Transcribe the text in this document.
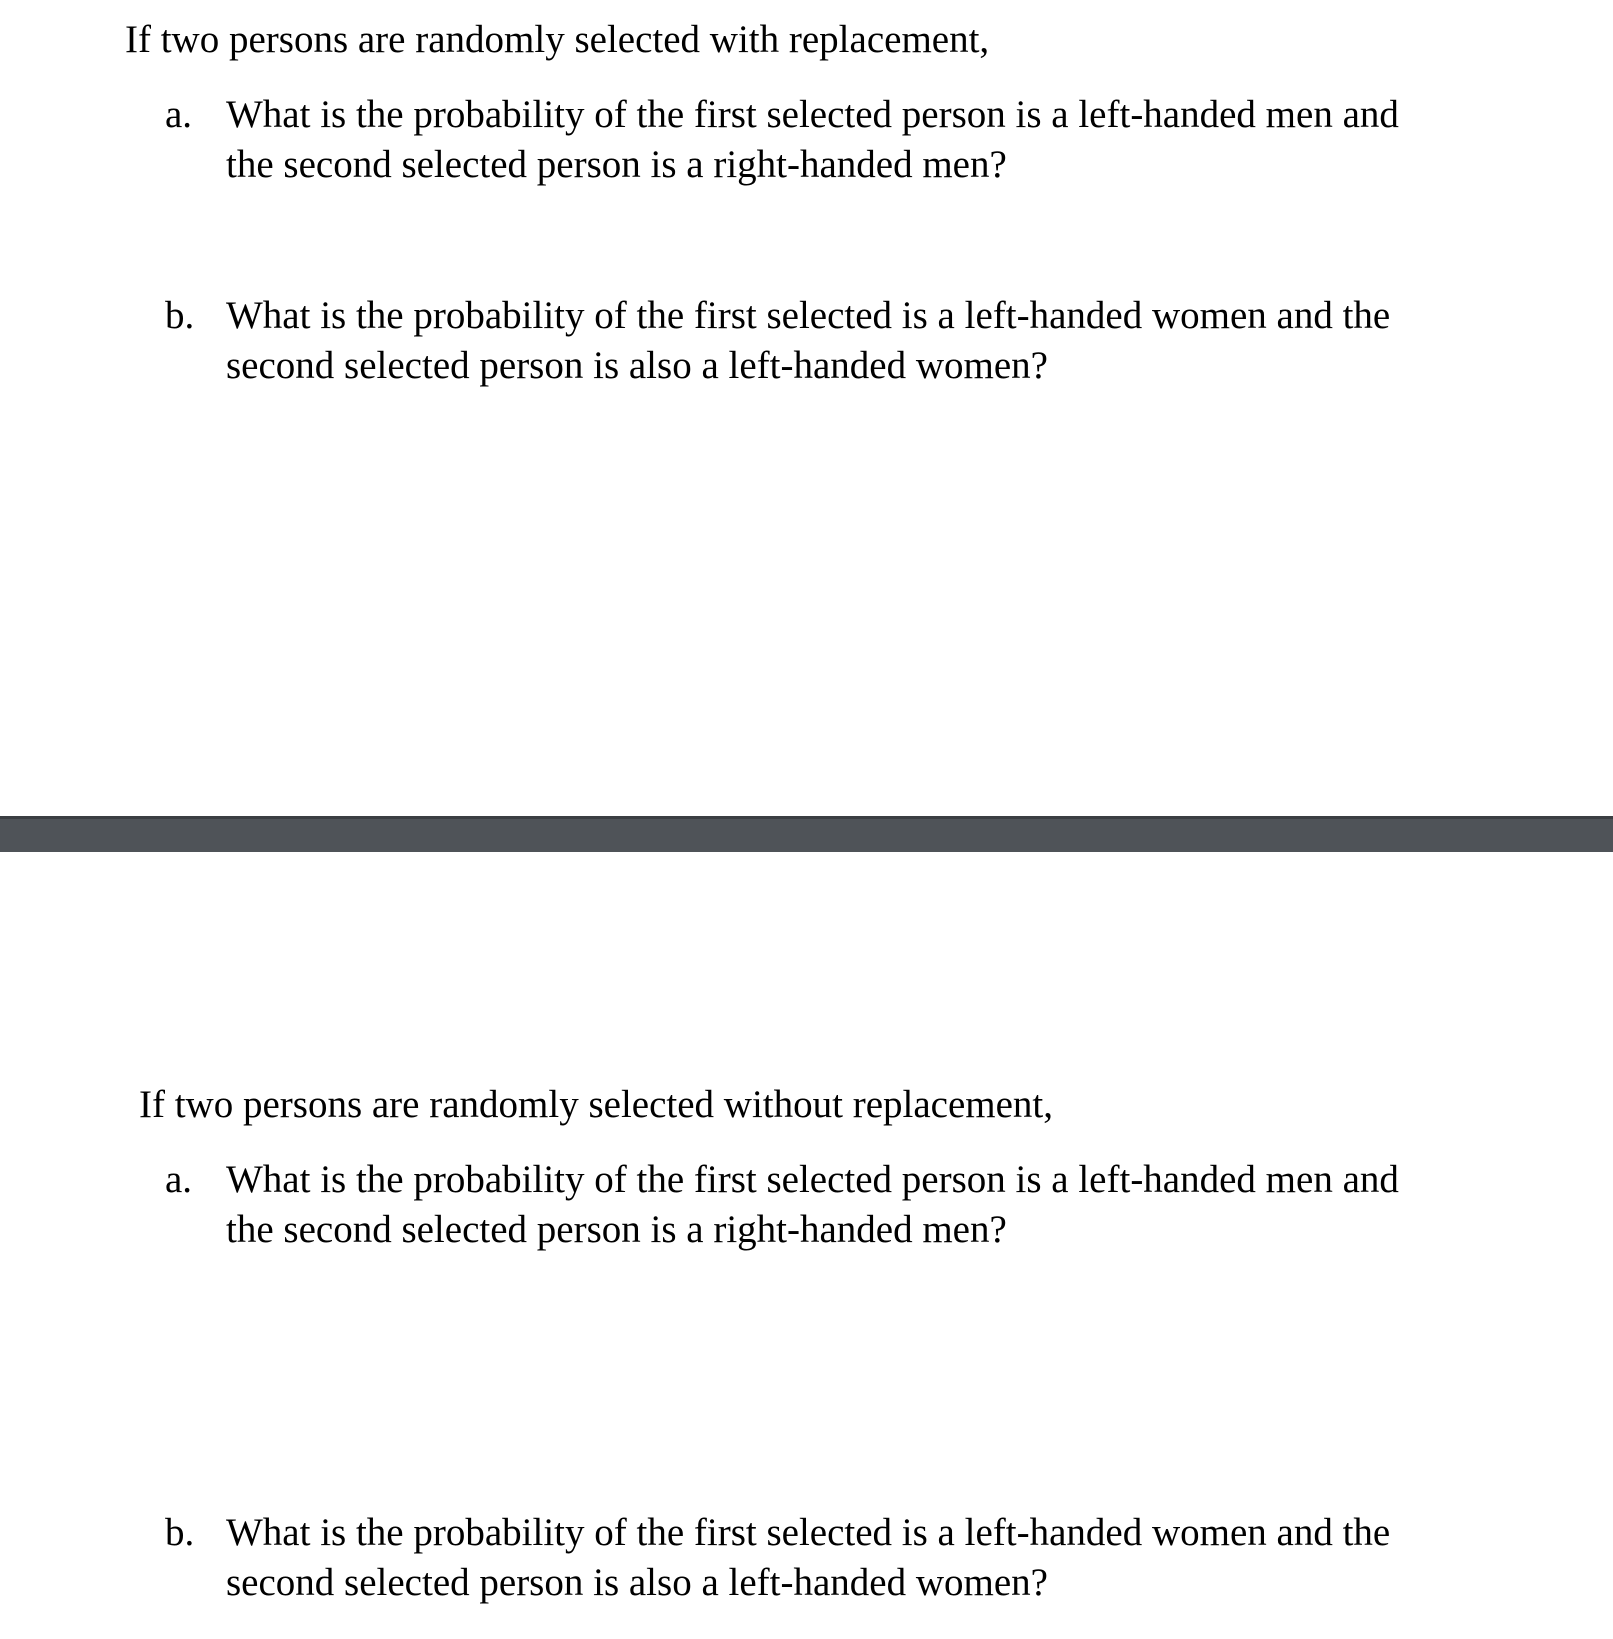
If two persons are randomly selected with replacement,
a. What is the probability of the first selected person is a left-handed men and
the second selected person is a right-handed men?
b. What is the probability of the first selected is a left-handed women and the
second selected person is also a left-handed women?
If two persons are randomly selected without replacement,
a. What is the probability of the first selected person is a left-handed men and
the second selected person is a right-handed men?
b. What is the probability of the first selected is a left-handed women and the
second selected person is also a left-handed women?
